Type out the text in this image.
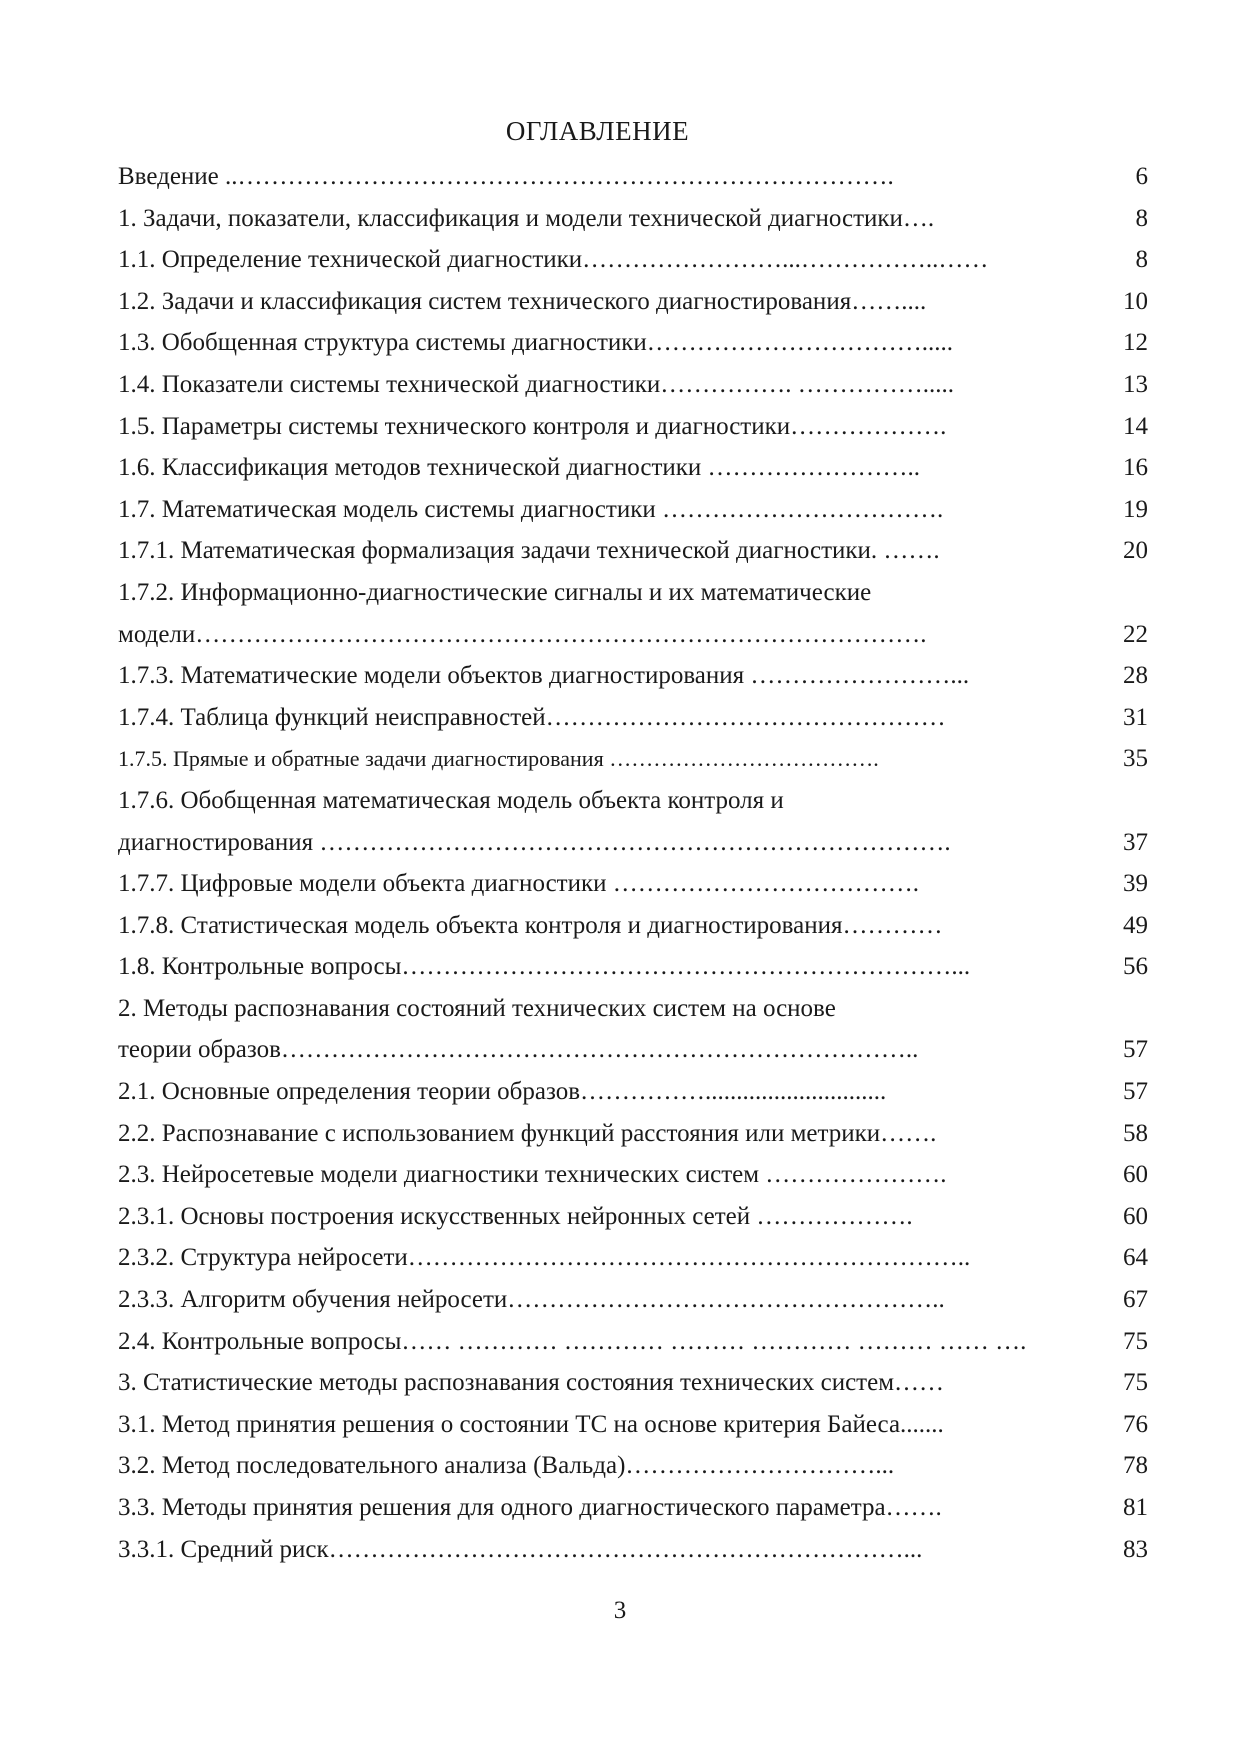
ОГЛАВЛЕНИЕ
Введение ..…………………………………………………………………….	6
1. Задачи, показатели, классификация и модели технической диагностики….	8
1.1. Определение технической диагностики……………………...……………..……	8
1.2. Задачи и классификация систем технического диагностирования……....	10
1.3. Обобщенная структура системы диагностики…………………………….....	12
1.4. Показатели системы технической диагностики……………. …………….....	13
1.5. Параметры системы технического контроля и диагностики……………….	14
1.6. Классификация методов технической диагностики ……………………..	16
1.7. Математическая модель системы диагностики …………………………….	19
1.7.1. Математическая формализация задачи технической диагностики. …….	20
1.7.2. Информационно-диагностические сигналы и их математические
модели…………………………………………………………………………….	22
1.7.3. Математические модели объектов диагностирования ……………………...	28
1.7.4. Таблица функций неисправностей…………………………………………	31
1.7.5. Прямые и обратные задачи диагностирования ……………………………….	35
1.7.6. Обобщенная математическая модель объекта контроля и
диагностирования ………………………………………………………………….	37
1.7.7. Цифровые модели объекта диагностики ……………………………….	39
1.7.8. Статистическая модель объекта контроля и диагностирования…………	49
1.8. Контрольные вопросы…………………………………………………………...	56
2. Методы распознавания состояний технических систем на основе
теории образов…………………………………………………………………..	57
2.1. Основные определения теории образов…………….............................	57
2.2. Распознавание с использованием функций расстояния или метрики…….	58
2.3. Нейросетевые модели диагностики технических систем ………………….	60
2.3.1. Основы построения искусственных нейронных сетей ……………….	60
2.3.2. Структура нейросети…………………………………………………………..	64
2.3.3. Алгоритм обучения нейросети……………………………………………..	67
2.4. Контрольные вопросы…… ………… ………… ……… ………… ……… …… ….	75
3. Статистические методы распознавания состояния технических систем……	75
3.1. Метод принятия решения о состоянии ТС на основе критерия Байеса.......	76
3.2. Метод последовательного анализа (Вальда)…………………………...	78
3.3. Методы принятия решения для одного диагностического параметра…….	81
3.3.1. Средний риск……………………………………………………………...	83
3
